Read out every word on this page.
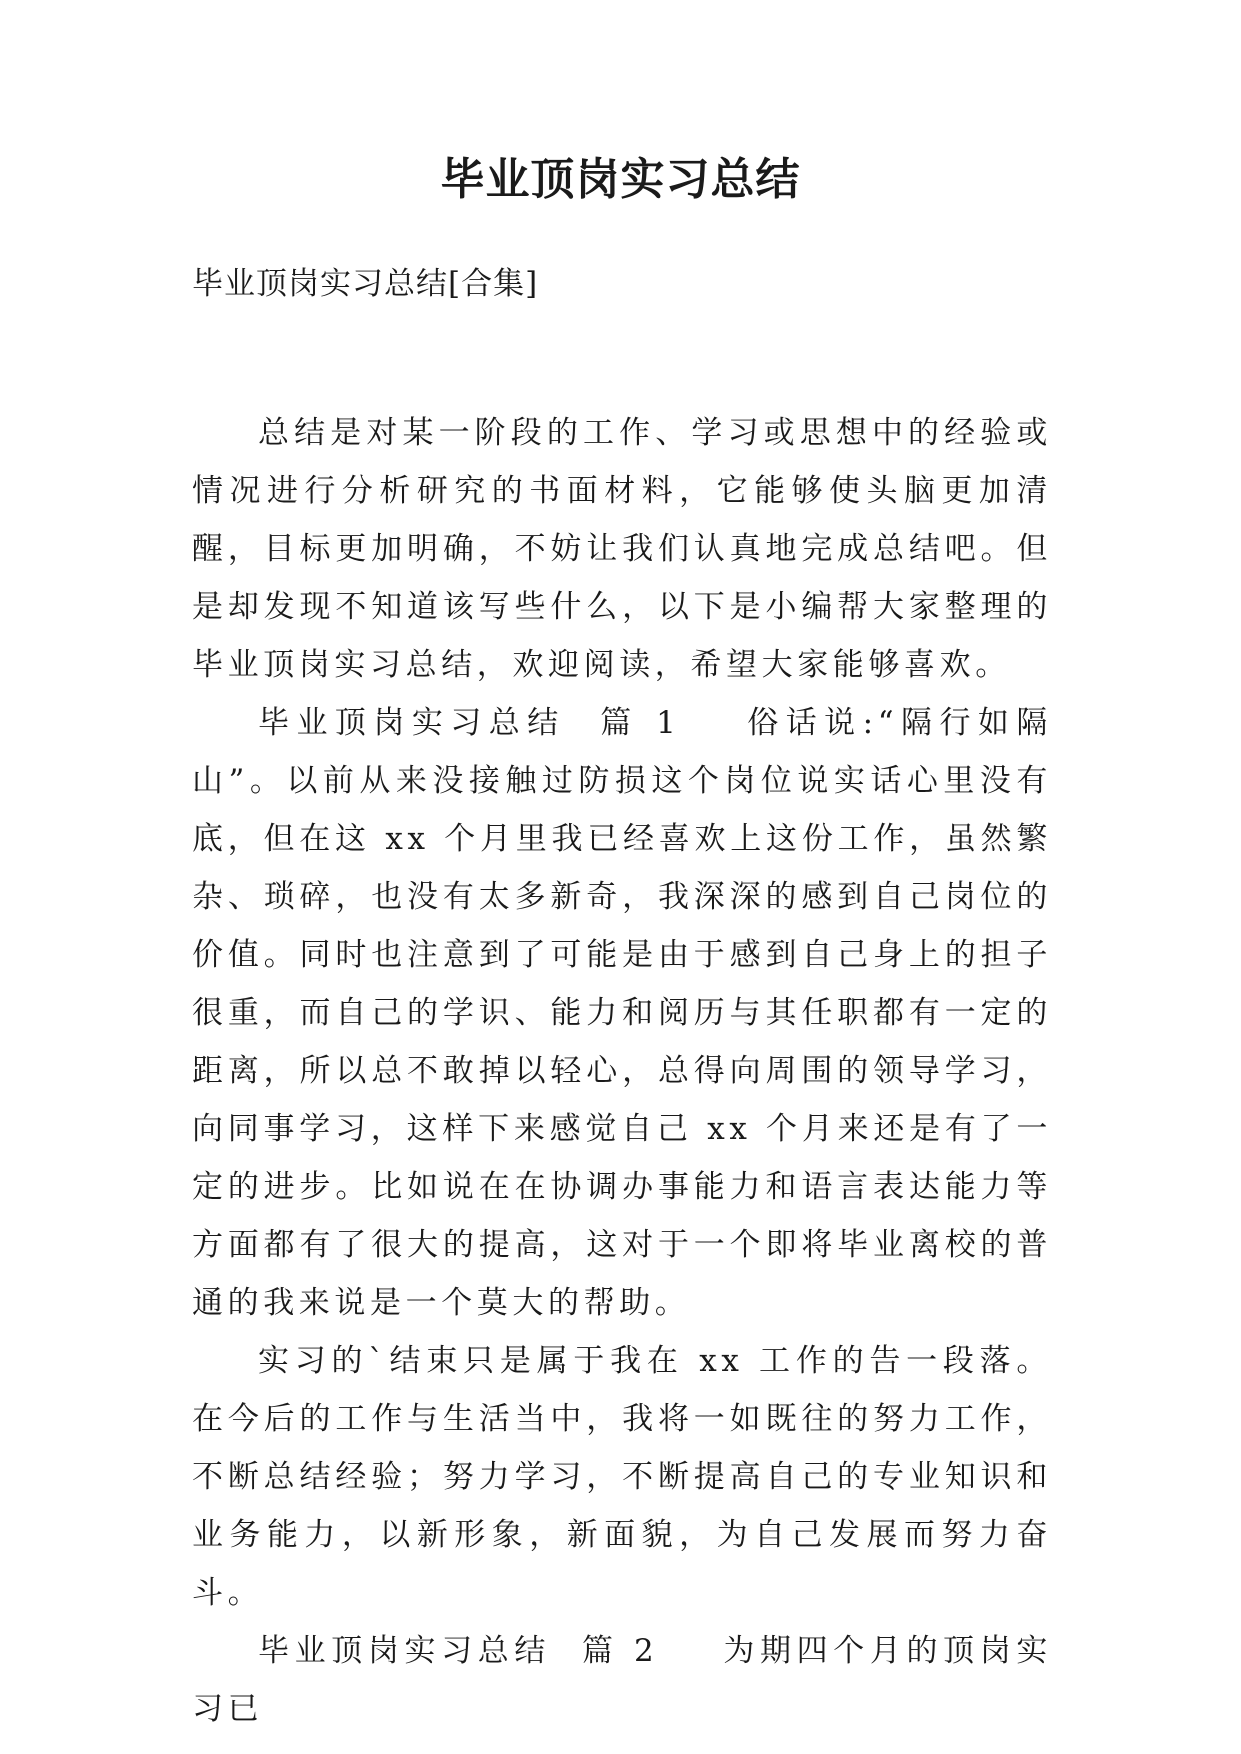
毕业顶岗实习总结

毕业顶岗实习总结[合集]

总结是对某一阶段的工作、学习或思想中的经验或情况进行分析研究的书面材料，它能够使头脑更加清醒，目标更加明确，不妨让我们认真地完成总结吧。但是却发现不知道该写些什么，以下是小编帮大家整理的毕业顶岗实习总结，欢迎阅读，希望大家能够喜欢。

毕业顶岗实习总结  篇 1 俗话说:“隔行如隔山”。以前从来没接触过防损这个岗位说实话心里没有底，但在这 xx 个月里我已经喜欢上这份工作，虽然繁杂、琐碎，也没有太多新奇，我深深的感到自己岗位的价值。同时也注意到了可能是由于感到自己身上的担子很重，而自己的学识、能力和阅历与其任职都有一定的距离，所以总不敢掉以轻心，总得向周围的领导学习，向同事学习，这样下来感觉自己 xx 个月来还是有了一定的进步。比如说在在协调办事能力和语言表达能力等方面都有了很大的提高，这对于一个即将毕业离校的普通的我来说是一个莫大的帮助。

实习的`结束只是属于我在 xx 工作的告一段落。在今后的工作与生活当中，我将一如既往的努力工作，不断总结经验；努力学习，不断提高自己的专业知识和业务能力，以新形象，新面貌，为自己发展而努力奋斗。

毕业顶岗实习总结  篇 2 为期四个月的顶岗实习已
